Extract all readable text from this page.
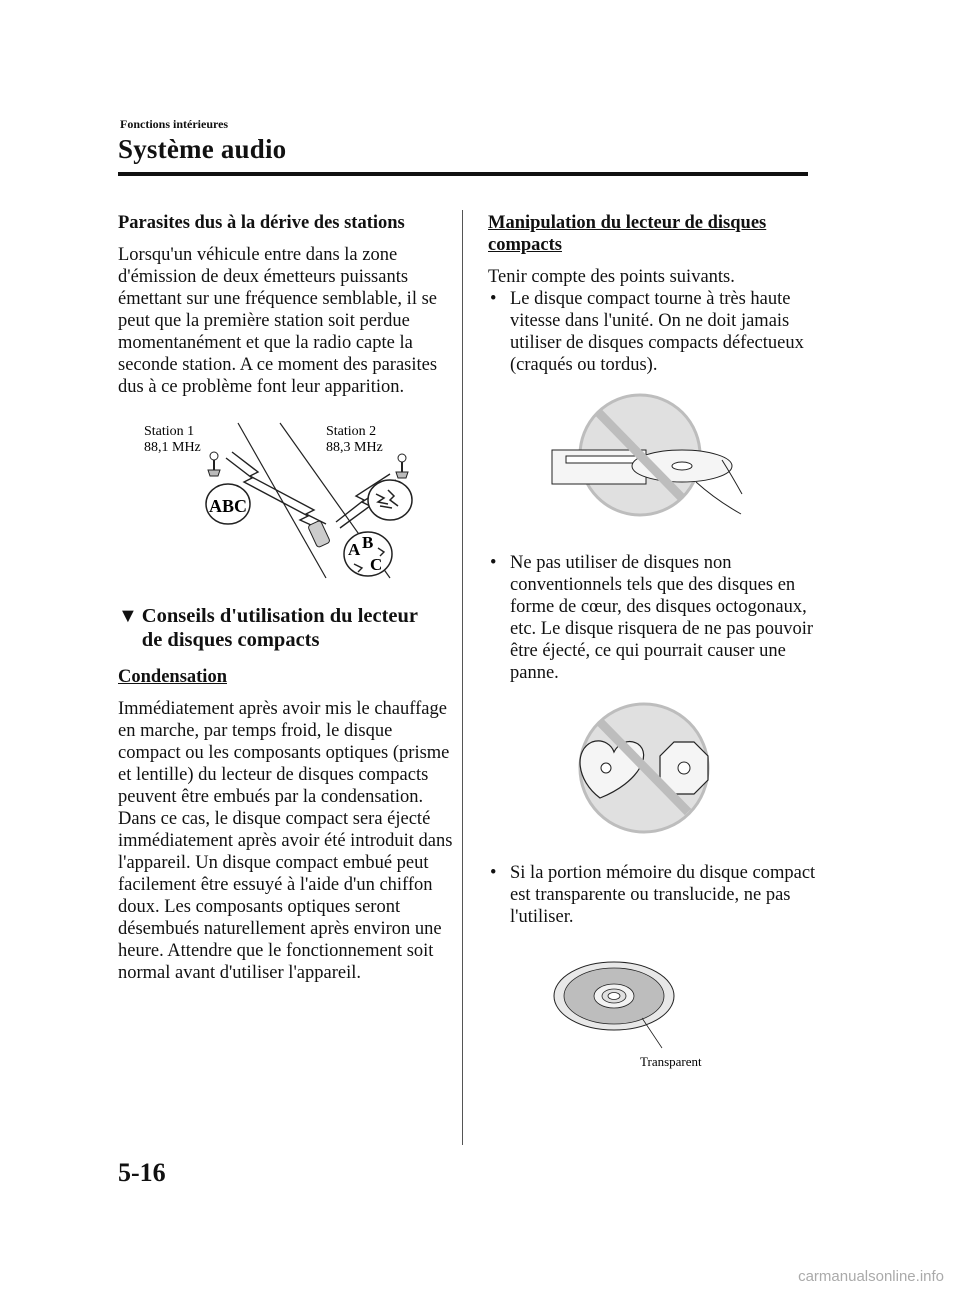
Fonctions intérieures
Système audio

Parasites dus à la dérive des stations

Lorsqu'un véhicule entre dans la zone d'émission de deux émetteurs puissants émettant sur une fréquence semblable, il se peut que la première station soit perdue momentanément et que la radio capte la seconde station. A ce moment des parasites dus à ce problème font leur apparition.

Station 1
88,1 MHz
Station 2
88,3 MHz
ABC
A B
C
▼ Conseils d'utilisation du lecteur
de disques compacts

Condensation

Immédiatement après avoir mis le chauffage en marche, par temps froid, le disque compact ou les composants optiques (prisme et lentille) du lecteur de disques compacts peuvent être embués par la condensation. Dans ce cas, le disque compact sera éjecté immédiatement après avoir été introduit dans l'appareil. Un disque compact embué peut facilement être essuyé à l'aide d'un chiffon doux. Les composants optiques seront désembués naturellement après environ une heure. Attendre que le fonctionnement soit normal avant d'utiliser l'appareil.

Manipulation du lecteur de disques
compacts

Tenir compte des points suivants.

• Le disque compact tourne à très haute vitesse dans l'unité. On ne doit jamais utiliser de disques compacts défectueux (craqués ou tordus).
• Ne pas utiliser de disques non conventionnels tels que des disques en forme de cœur, des disques octogonaux, etc. Le disque risquera de ne pas pouvoir être éjecté, ce qui pourrait causer une panne.
• Si la portion mémoire du disque compact est transparente ou translucide, ne pas l'utiliser.
Transparent
5-16
carmanualsonline.info
